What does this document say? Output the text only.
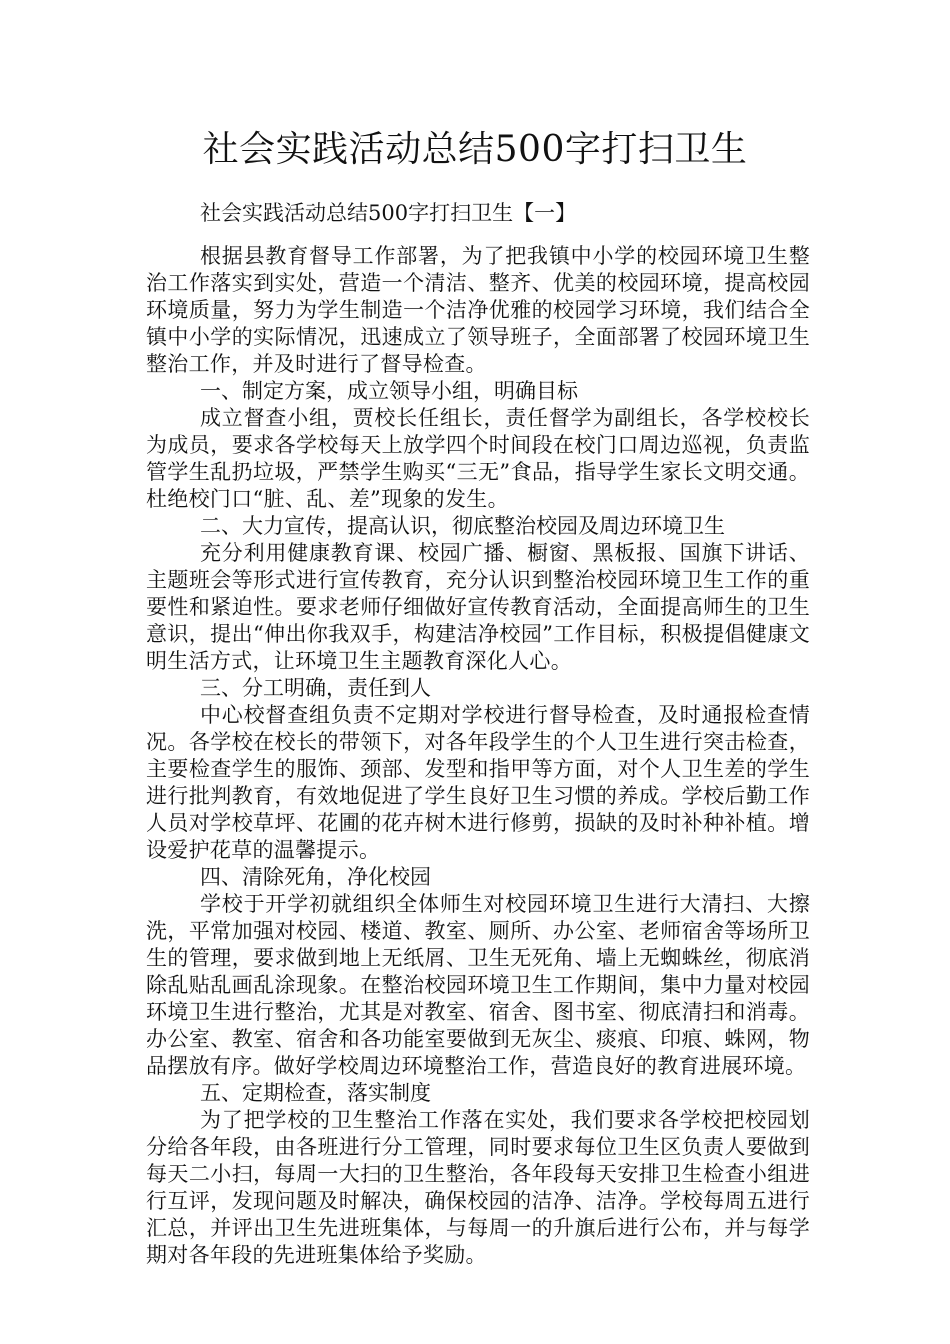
社会实践活动总结500字打扫卫生
社会实践活动总结500字打扫卫生【一】

根据县教育督导工作部署，为了把我镇中小学的校园环境卫生整治工作落实到实处，营造一个清洁、整齐、优美的校园环境，提高校园环境质量，努力为学生制造一个洁净优雅的校园学习环境，我们结合全镇中小学的实际情况，迅速成立了领导班子，全面部署了校园环境卫生整治工作，并及时进行了督导检查。

一、制定方案，成立领导小组，明确目标

成立督查小组，贾校长任组长，责任督学为副组长，各学校校长为成员，要求各学校每天上放学四个时间段在校门口周边巡视，负责监管学生乱扔垃圾，严禁学生购买“三无”食品，指导学生家长文明交通。杜绝校门口“脏、乱、差”现象的发生。

二、大力宣传，提高认识，彻底整治校园及周边环境卫生

充分利用健康教育课、校园广播、橱窗、黑板报、国旗下讲话、主题班会等形式进行宣传教育，充分认识到整治校园环境卫生工作的重要性和紧迫性。要求老师仔细做好宣传教育活动，全面提高师生的卫生意识，提出“伸出你我双手，构建洁净校园”工作目标，积极提倡健康文明生活方式，让环境卫生主题教育深化人心。

三、分工明确，责任到人

中心校督查组负责不定期对学校进行督导检查，及时通报检查情况。各学校在校长的带领下，对各年段学生的个人卫生进行突击检查，主要检查学生的服饰、颈部、发型和指甲等方面，对个人卫生差的学生进行批判教育，有效地促进了学生良好卫生习惯的养成。学校后勤工作人员对学校草坪、花圃的花卉树木进行修剪，损缺的及时补种补植。增设爱护花草的温馨提示。

四、清除死角，净化校园

学校于开学初就组织全体师生对校园环境卫生进行大清扫、大擦洗，平常加强对校园、楼道、教室、厕所、办公室、老师宿舍等场所卫生的管理，要求做到地上无纸屑、卫生无死角、墙上无蜘蛛丝，彻底消除乱贴乱画乱涂现象。在整治校园环境卫生工作期间，集中力量对校园环境卫生进行整治，尤其是对教室、宿舍、图书室、彻底清扫和消毒。办公室、教室、宿舍和各功能室要做到无灰尘、痰痕、印痕、蛛网，物品摆放有序。做好学校周边环境整治工作，营造良好的教育进展环境。

五、定期检查，落实制度

为了把学校的卫生整治工作落在实处，我们要求各学校把校园划分给各年段，由各班进行分工管理，同时要求每位卫生区负责人要做到每天二小扫，每周一大扫的卫生整治，各年段每天安排卫生检查小组进行互评，发现问题及时解决，确保校园的洁净、洁净。学校每周五进行汇总，并评出卫生先进班集体，与每周一的升旗后进行公布，并与每学期对各年段的先进班集体给予奖励。
